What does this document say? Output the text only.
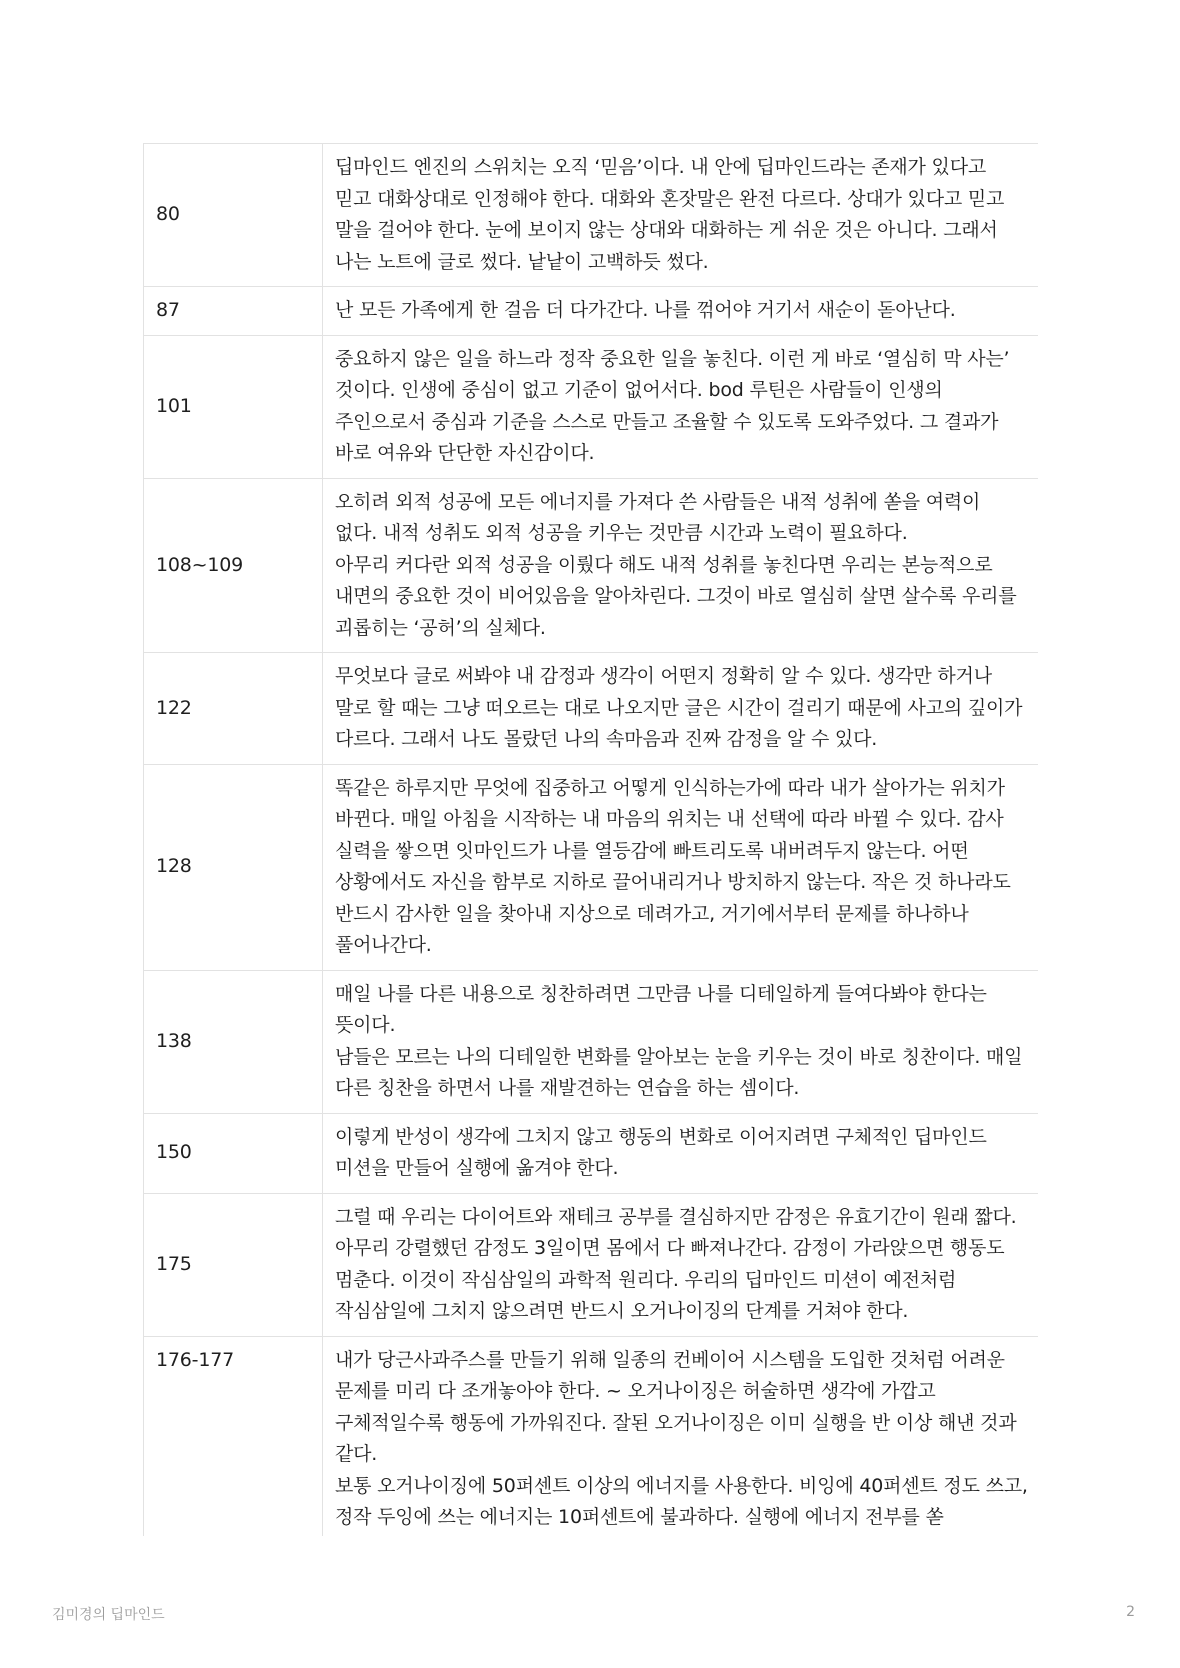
80	딥마인드 엔진의 스위치는 오직 ‘믿음’이다. 내 안에 딥마인드라는 존재가 있다고 믿고 대화상대로 인정해야 한다. 대화와 혼잣말은 완전 다르다. 상대가 있다고 믿고 말을 걸어야 한다. 눈에 보이지 않는 상대와 대화하는 게 쉬운 것은 아니다. 그래서 나는 노트에 글로 썼다. 낱낱이 고백하듯 썼다.

87	난 모든 가족에게 한 걸음 더 다가간다. 나를 꺾어야 거기서 새순이 돋아난다.

101	중요하지 않은 일을 하느라 정작 중요한 일을 놓친다. 이런 게 바로 ‘열심히 막 사는’ 것이다. 인생에 중심이 없고 기준이 없어서다. bod 루틴은 사람들이 인생의 주인으로서 중심과 기준을 스스로 만들고 조율할 수 있도록 도와주었다. 그 결과가 바로 여유와 단단한 자신감이다.

108~109	오히려 외적 성공에 모든 에너지를 가져다 쓴 사람들은 내적 성취에 쏟을 여력이 없다. 내적 성취도 외적 성공을 키우는 것만큼 시간과 노력이 필요하다.
아무리 커다란 외적 성공을 이뤘다 해도 내적 성취를 놓친다면 우리는 본능적으로 내면의 중요한 것이 비어있음을 알아차린다. 그것이 바로 열심히 살면 살수록 우리를 괴롭히는 ‘공허’의 실체다.

122	무엇보다 글로 써봐야 내 감정과 생각이 어떤지 정확히 알 수 있다. 생각만 하거나 말로 할 때는 그냥 떠오르는 대로 나오지만 글은 시간이 걸리기 때문에 사고의 깊이가 다르다. 그래서 나도 몰랐던 나의 속마음과 진짜 감정을 알 수 있다.

128	똑같은 하루지만 무엇에 집중하고 어떻게 인식하는가에 따라 내가 살아가는 위치가 바뀐다. 매일 아침을 시작하는 내 마음의 위치는 내 선택에 따라 바뀔 수 있다. 감사 실력을 쌓으면 잇마인드가 나를 열등감에 빠트리도록 내버려두지 않는다. 어떤 상황에서도 자신을 함부로 지하로 끌어내리거나 방치하지 않는다. 작은 것 하나라도 반드시 감사한 일을 찾아내 지상으로 데려가고, 거기에서부터 문제를 하나하나 풀어나간다.

138	매일 나를 다른 내용으로 칭찬하려면 그만큼 나를 디테일하게 들여다봐야 한다는 뜻이다.
남들은 모르는 나의 디테일한 변화를 알아보는 눈을 키우는 것이 바로 칭찬이다. 매일 다른 칭찬을 하면서 나를 재발견하는 연습을 하는 셈이다.

150	이렇게 반성이 생각에 그치지 않고 행동의 변화로 이어지려면 구체적인 딥마인드 미션을 만들어 실행에 옮겨야 한다.

175	그럴 때 우리는 다이어트와 재테크 공부를 결심하지만 감정은 유효기간이 원래 짧다. 아무리 강렬했던 감정도 3일이면 몸에서 다 빠져나간다. 감정이 가라앉으면 행동도 멈춘다. 이것이 작심삼일의 과학적 원리다. 우리의 딥마인드 미션이 예전처럼 작심삼일에 그치지 않으려면 반드시 오거나이징의 단계를 거쳐야 한다.

176-177	내가 당근사과주스를 만들기 위해 일종의 컨베이어 시스템을 도입한 것처럼 어려운 문제를 미리 다 조개놓아야 한다. ~ 오거나이징은 허술하면 생각에 가깝고 구체적일수록 행동에 가까워진다. 잘된 오거나이징은 이미 실행을 반 이상 해낸 것과 같다.
보통 오거나이징에 50퍼센트 이상의 에너지를 사용한다. 비잉에 40퍼센트 정도 쓰고, 정작 두잉에 쓰는 에너지는 10퍼센트에 불과하다. 실행에 에너지 전부를 쏟
김미경의 딥마인드	2
